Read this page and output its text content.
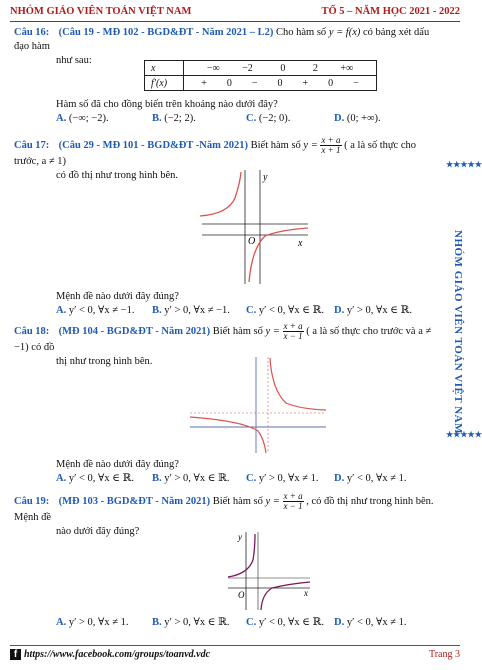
NHÓM GIÁO VIÊN TOÁN VIỆT NAM	TỔ 5 – NĂM HỌC 2021 - 2022
Câu 16: (Câu 19 - MĐ 102 - BGD&ĐT - Năm 2021 – L2) Cho hàm số y = f(x) có bảng xét dấu đạo hàm
như sau:
x	−∞ −2 0 2 +∞
f′(x)	+ 0 − 0 + 0 −
Hàm số đã cho đồng biến trên khoảng nào dưới đây?
A. (−∞; −2).	B. (−2; 2).	C. (−2; 0).	D. (0; +∞).
Câu 17: (Câu 29 - MĐ 101 - BGD&ĐT -Năm 2021) Biết hàm số $y = \frac{x + a}{x + 1}$ ( a là số thực cho trước, a ≠ 1)
có đồ thị như trong hình bên.	y
x
O
Mệnh đề nào dưới đây đúng?
A. y′ < 0, ∀x ≠ −1. B. y′ > 0, ∀x ≠ −1. C. y′ < 0, ∀x ∈ ℝ. D. y′ > 0, ∀x ∈ ℝ.
Câu 18: (MĐ 104 - BGD&ĐT - Năm 2021) Biết hàm số $y = \frac{x + a}{x - 1}$ ( a là số thực cho trước và a ≠ −1) có đồ
thị như trong hình bên.
Mệnh đề nào dưới đây đúng?
A. y′ < 0, ∀x ∈ ℝ. B. y′ > 0, ∀x ∈ ℝ. C. y′ > 0, ∀x ≠ 1. D. y′ < 0, ∀x ≠ 1.
Câu 19: (MĐ 103 - BGD&ĐT - Năm 2021) Biết hàm số $y = \frac{x + a}{x - 1}$ , có đồ thị như trong hình bên. Mệnh đề
nào dưới đây đúng?	y
x
O
A. y′ > 0, ∀x ≠ 1. B. y′ > 0, ∀x ∈ ℝ. C. y′ < 0, ∀x ∈ ℝ. D. y′ < 0, ∀x ≠ 1.
★★★★★
NHÓM GIÁO VIÊN TOÁN VIỆT NAM
★★★★★
f https://www.facebook.com/groups/toanvd.vdc	Trang 3
